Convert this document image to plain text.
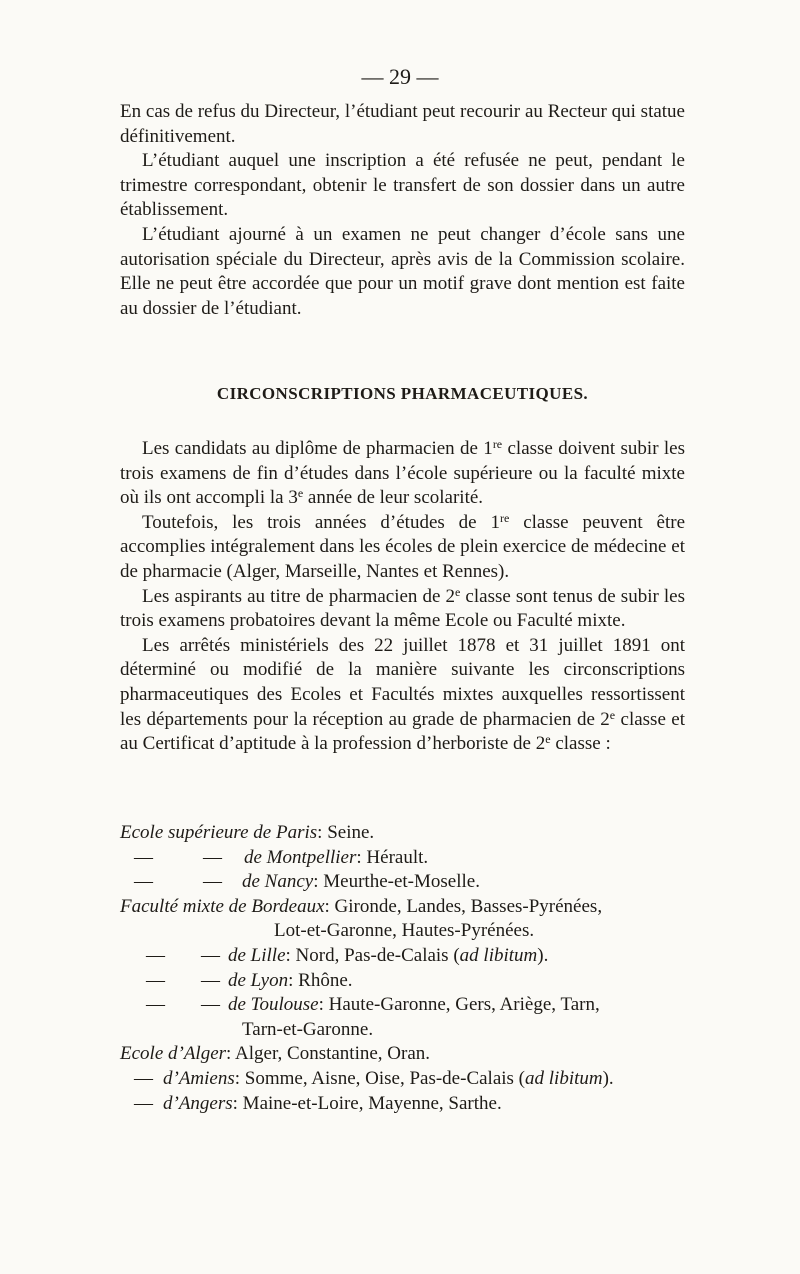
— 29 —

En cas de refus du Directeur, l’étudiant peut recourir au Recteur qui statue définitivement.

L’étudiant auquel une inscription a été refusée ne peut, pendant le trimestre correspondant, obtenir le transfert de son dossier dans un autre établissement.

L’étudiant ajourné à un examen ne peut changer d’école sans une autorisation spéciale du Directeur, après avis de la Commission scolaire. Elle ne peut être accordée que pour un motif grave dont mention est faite au dossier de l’étudiant.

CIRCONSCRIPTIONS PHARMACEUTIQUES.

Les candidats au diplôme de pharmacien de 1re classe doivent subir les trois examens de fin d’études dans l’école supérieure ou la faculté mixte où ils ont accompli la 3e année de leur scolarité.

Toutefois, les trois années d’études de 1re classe peuvent être accomplies intégralement dans les écoles de plein exercice de médecine et de pharmacie (Alger, Marseille, Nantes et Rennes).

Les aspirants au titre de pharmacien de 2e classe sont tenus de subir les trois examens probatoires devant la même Ecole ou Faculté mixte.

Les arrêtés ministériels des 22 juillet 1878 et 31 juillet 1891 ont déterminé ou modifié de la manière suivante les circonscriptions pharmaceutiques des Ecoles et Facultés mixtes auxquelles ressortissent les départements pour la réception au grade de pharmacien de 2e classe et au Certificat d’aptitude à la profession d’herboriste de 2e classe :

Ecole supérieure de Paris : Seine.
—	— de Montpellier : Hérault.
—	— de Nancy : Meurthe-et-Moselle.
Faculté mixte de Bordeaux : Gironde, Landes, Basses-Pyrénées,
Lot-et-Garonne, Hautes-Pyrénées.
— — de Lille : Nord, Pas-de-Calais ( ad libitum ).
— — de Lyon : Rhône.
— — de Toulouse : Haute-Garonne, Gers, Ariège, Tarn,
Tarn-et-Garonne.
Ecole d’Alger : Alger, Constantine, Oran.
— d’Amiens : Somme, Aisne, Oise, Pas-de-Calais ( ad libitum ).
— d’Angers : Maine-et-Loire, Mayenne, Sarthe.
